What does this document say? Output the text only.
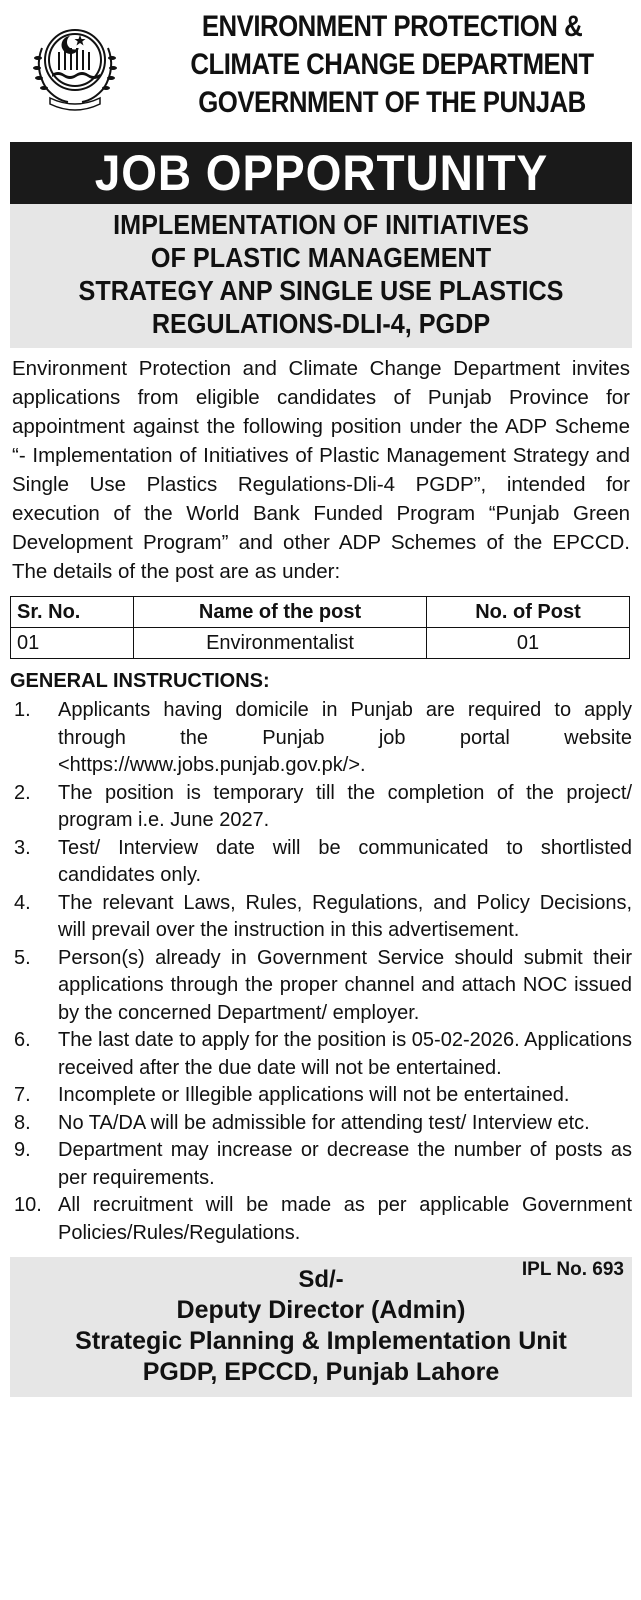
ENVIRONMENT PROTECTION &
CLIMATE CHANGE DEPARTMENT
GOVERNMENT OF THE PUNJAB
JOB OPPORTUNITY
IMPLEMENTATION OF INITIATIVES
OF PLASTIC MANAGEMENT
STRATEGY ANP SINGLE USE PLASTICS
REGULATIONS-DLI-4, PGDP
Environment Protection and Climate Change Department invites applications from eligible candidates of Punjab Province for appointment against the following position under the ADP Scheme “- Implementation of Initiatives of Plastic Management Strategy and Single Use Plastics Regulations-Dli-4 PGDP”, intended for execution of the World Bank Funded Program “Punjab Green Development Program” and other ADP Schemes of the EPCCD. The details of the post are as under:
Sr. No.	Name of the post	No. of Post
01	Environmentalist	01
GENERAL INSTRUCTIONS:
1.	Applicants having domicile in Punjab are required to apply through the Punjab job portal website <https://www.jobs.punjab.gov.pk/>.
2.	The position is temporary till the completion of the project/ program i.e. June 2027.
3.	Test/ Interview date will be communicated to shortlisted candidates only.
4.	The relevant Laws, Rules, Regulations, and Policy Decisions, will prevail over the instruction in this advertisement.
5.	Person(s) already in Government Service should submit their applications through the proper channel and attach NOC issued by the concerned Department/ employer.
6.	The last date to apply for the position is 05-02-2026. Applications received after the due date will not be entertained.
7.	Incomplete or Illegible applications will not be entertained.
8.	No TA/DA will be admissible for attending test/ Interview etc.
9.	Department may increase or decrease the number of posts as per requirements.
10. All recruitment will be made as per applicable Government Policies/Rules/Regulations.
IPL No. 693
Sd/-
Deputy Director (Admin)
Strategic Planning & Implementation Unit
PGDP, EPCCD, Punjab Lahore
